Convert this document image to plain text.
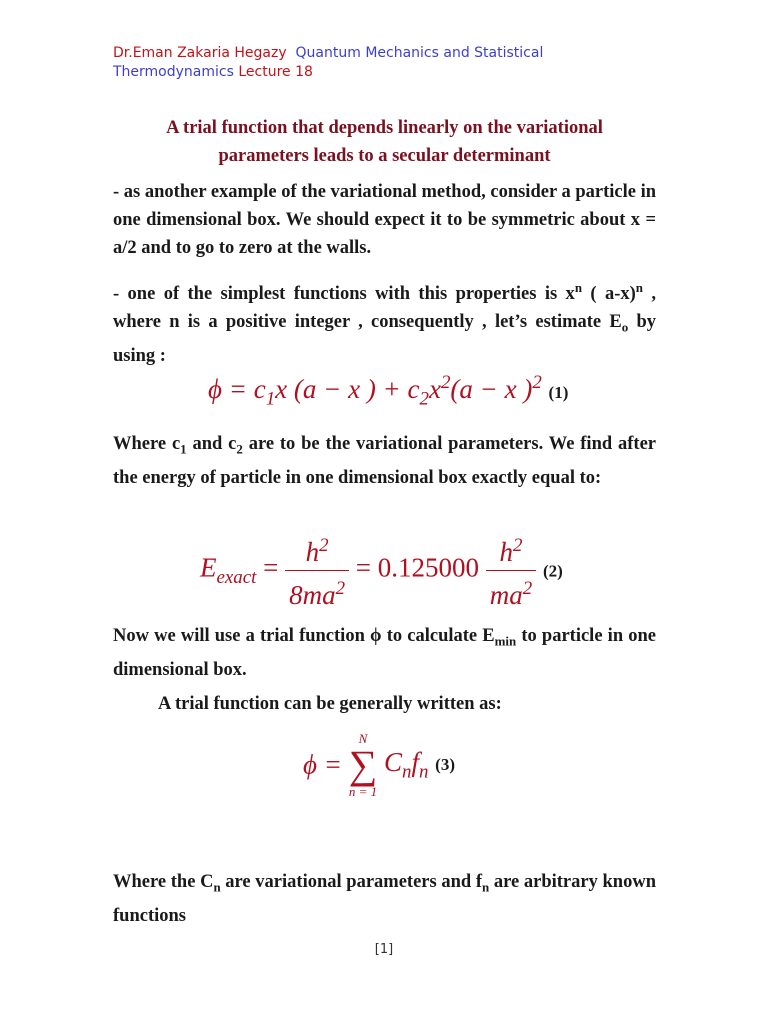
Dr.Eman Zakaria Hegazy Quantum Mechanics and Statistical
Thermodynamics Lecture 18
A trial function that depends linearly on the variational
parameters leads to a secular determinant
- as another example of the variational method, consider a particle in one dimensional box. We should expect it to be symmetric about x = a/2 and to go to zero at the walls.
- one of the simplest functions with this properties is $x^n$ ( a-x)$^n$ , where n is a positive integer , consequently , let’s estimate $E_o$ by using :
$\phi = c_1x$ (a − x ) + $c_2x^2(a - x$ )$^2$ (1)
Where $c_1$ and $c_2$ are to be the variational parameters. We find after the energy of particle in one dimensional box exactly equal to:
$E_{exact} = \frac{h^2}{8ma^2} = 0.125000 \frac{h^2}{ma^2} (2)$
Now we will use a trial function ϕ to calculate $E_{min}$ to particle in one dimensional box.
A trial function can be generally written as:
ϕ =
N
∑
n = 1
$C_nf_n$ (3)
Where the $C_n$ are variational parameters and $f_n$ are arbitrary known functions
[1]
